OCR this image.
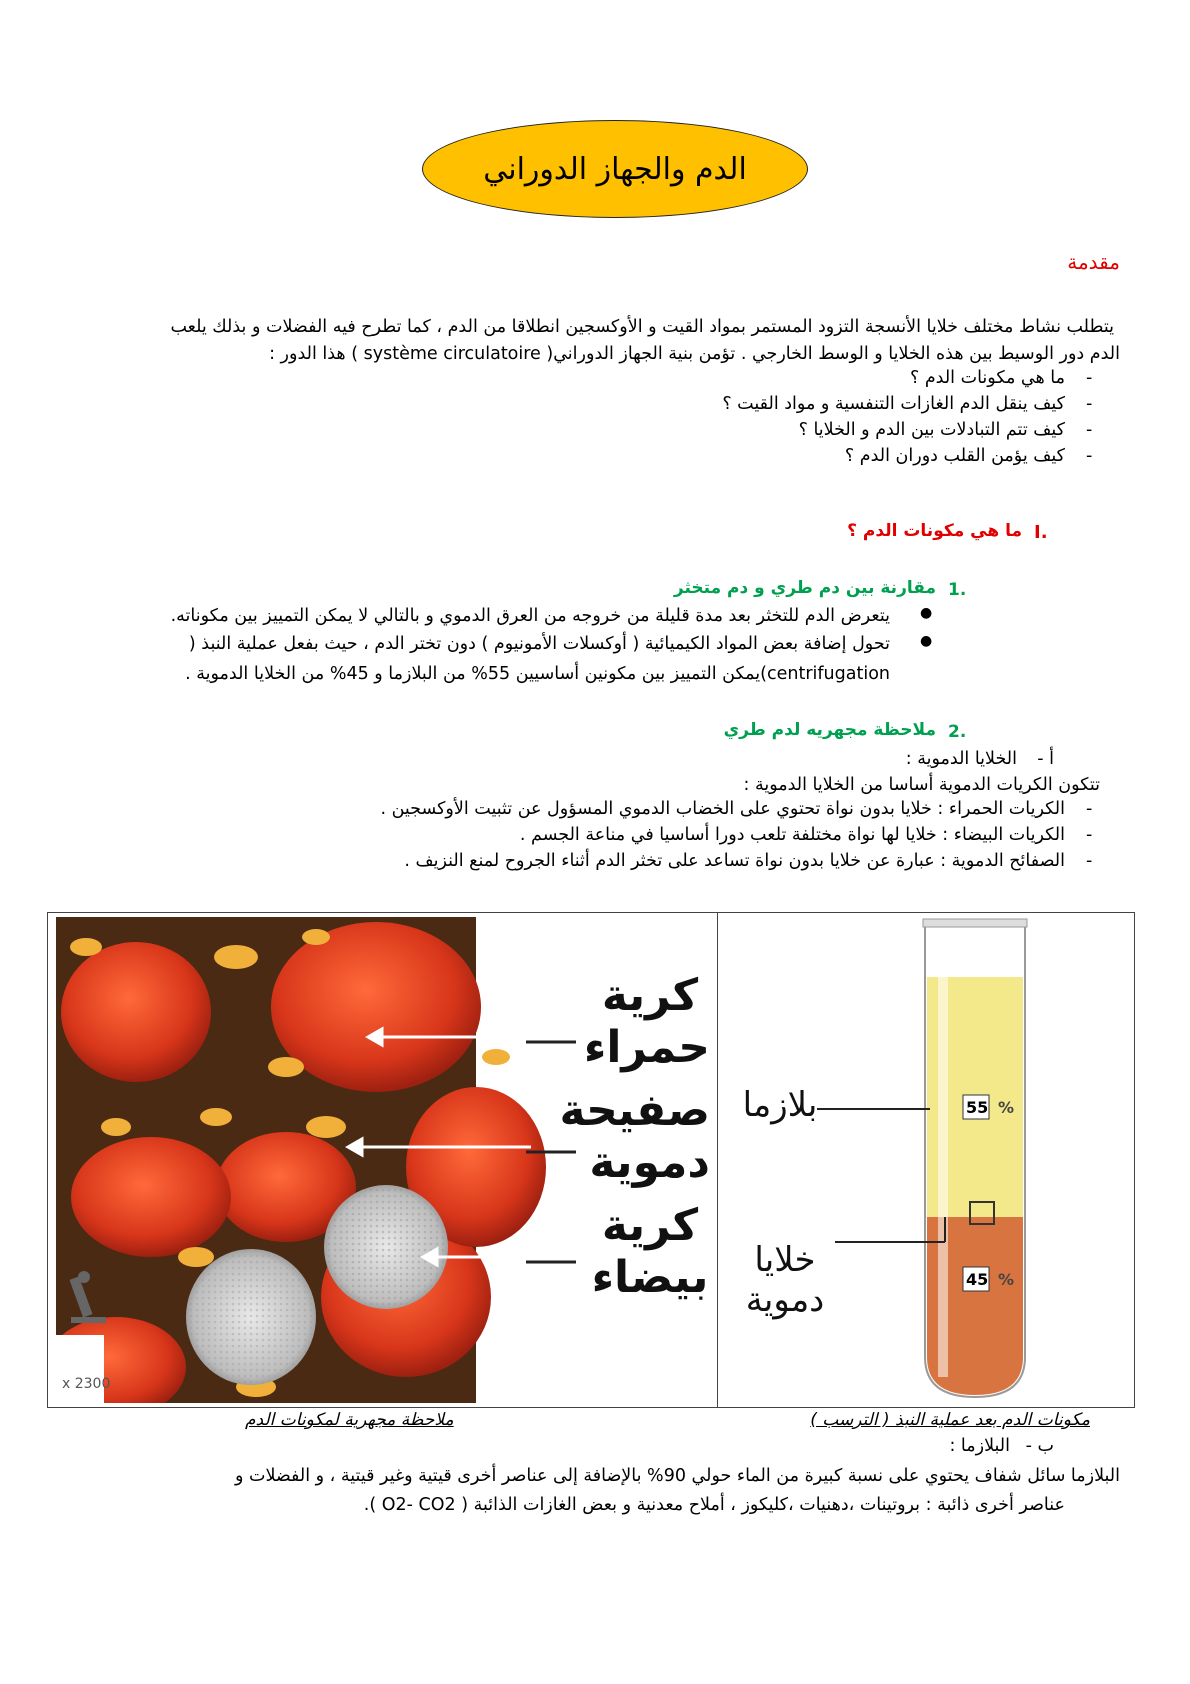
الدم والجهاز الدوراني
مقدمة
يتطلب نشاط مختلف خلايا الأنسجة التزود المستمر بمواد القيت و الأوكسجين انطلاقا من الدم ، كما تطرح فيه الفضلات و بذلك يلعب
الدم دور الوسيط بين هذه الخلايا و الوسط الخارجي . تؤمن بنية الجهاز الدوراني( système circulatoire ) هذا الدور :
-
ما هي مكونات الدم ؟
-
كيف ينقل الدم الغازات التنفسية و مواد القيت ؟
-
كيف تتم التبادلات بين الدم و الخلايا ؟
-
كيف يؤمن القلب دوران الدم ؟
I.
ما هي مكونات الدم ؟
1.
مقارنة بين دم طري و دم متخثر
●
يتعرض الدم للتخثر بعد مدة قليلة من خروجه من العرق الدموي و بالتالي لا يمكن التمييز بين مكوناته.
●
تحول إضافة بعض المواد الكيميائية ( أوكسلات الأمونيوم ) دون تختر الدم ، حيث بفعل عملية النبذ (
centrifugation)يمكن التمييز بين مكونين أساسيين 55% من البلازما و 45% من الخلايا الدموية .
2.
ملاحظة مجهريه لدم طري
أ -
الخلايا الدموية :
تتكون الكريات الدموية أساسا من الخلايا الدموية :
-
الكريات الحمراء : خلايا بدون نواة تحتوي على الخضاب الدموي المسؤول عن تثبيت الأوكسجين .
-
الكريات البيضاء : خلايا لها نواة مختلفة تلعب دورا أساسيا في مناعة الجسم .
-
الصفائح الدموية : عبارة عن خلايا بدون نواة تساعد على تخثر الدم أثناء الجروح لمنع النزيف .
x 2300
كرية
حمراء
صفيحة
دموية
كرية
بيضاء
55 %
45 %
بلازما
خلايا
دموية
ملاحظة مجهرية لمكونات الدم	مكونات الدم بعد عملية النبذ ( الترسب )
ب -
البلازما :
البلازما سائل شفاف يحتوي على نسبة كبيرة من الماء حولي 90% بالإضافة إلى عناصر أخرى قيتية وغير قيتية ، و الفضلات و
عناصر أخرى ذائبة : بروتينات ،دهنيات ،كليكوز ، أملاح معدنية و بعض الغازات الذائبة ( O2- CO2 ).
